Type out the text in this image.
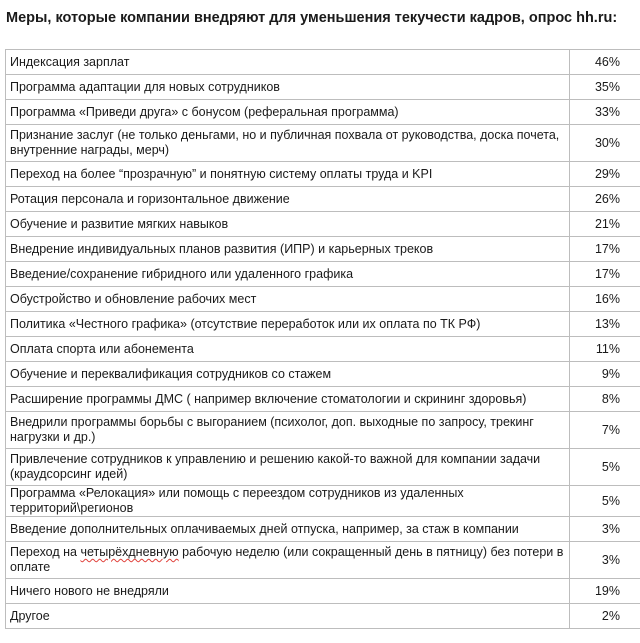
Меры, которые компании внедряют для уменьшения текучести кадров, опрос hh.ru:
Индексация зарплат	46%
Программа адаптации для новых сотрудников	35%
Программа «Приведи друга» с бонусом (реферальная программа)	33%
Признание заслуг (не только деньгами, но и публичная похвала от руководства, доска почета, внутренние награды, мерч)	30%
Переход на более “прозрачную” и понятную систему оплаты труда и KPI	29%
Ротация персонала и горизонтальное движение	26%
Обучение и развитие мягких навыков	21%
Внедрение индивидуальных планов развития (ИПР) и карьерных треков	17%
Введение/сохранение гибридного или удаленного графика	17%
Обустройство и обновление рабочих мест	16%
Политика «Честного графика» (отсутствие переработок или их оплата по ТК РФ)	13%
Оплата спорта или абонемента	11%
Обучение и переквалификация сотрудников со стажем	9%
Расширение программы ДМС ( например включение стоматологии и скрининг здоровья)	8%
Внедрили программы борьбы с выгоранием (психолог, доп. выходные по запросу, трекинг нагрузки и др.)	7%
Привлечение сотрудников к управлению и решению какой-то важной для компании задачи (краудсорсинг идей)	5%
Программа «Релокация» или помощь с переездом сотрудников из удаленных территорий\регионов	5%
Введение дополнительных оплачиваемых дней отпуска, например, за стаж в компании	3%
Переход на четырёхдневную рабочую неделю (или сокращенный день в пятницу) без потери в оплате	3%
Ничего нового не внедряли	19%
Другое	2%
